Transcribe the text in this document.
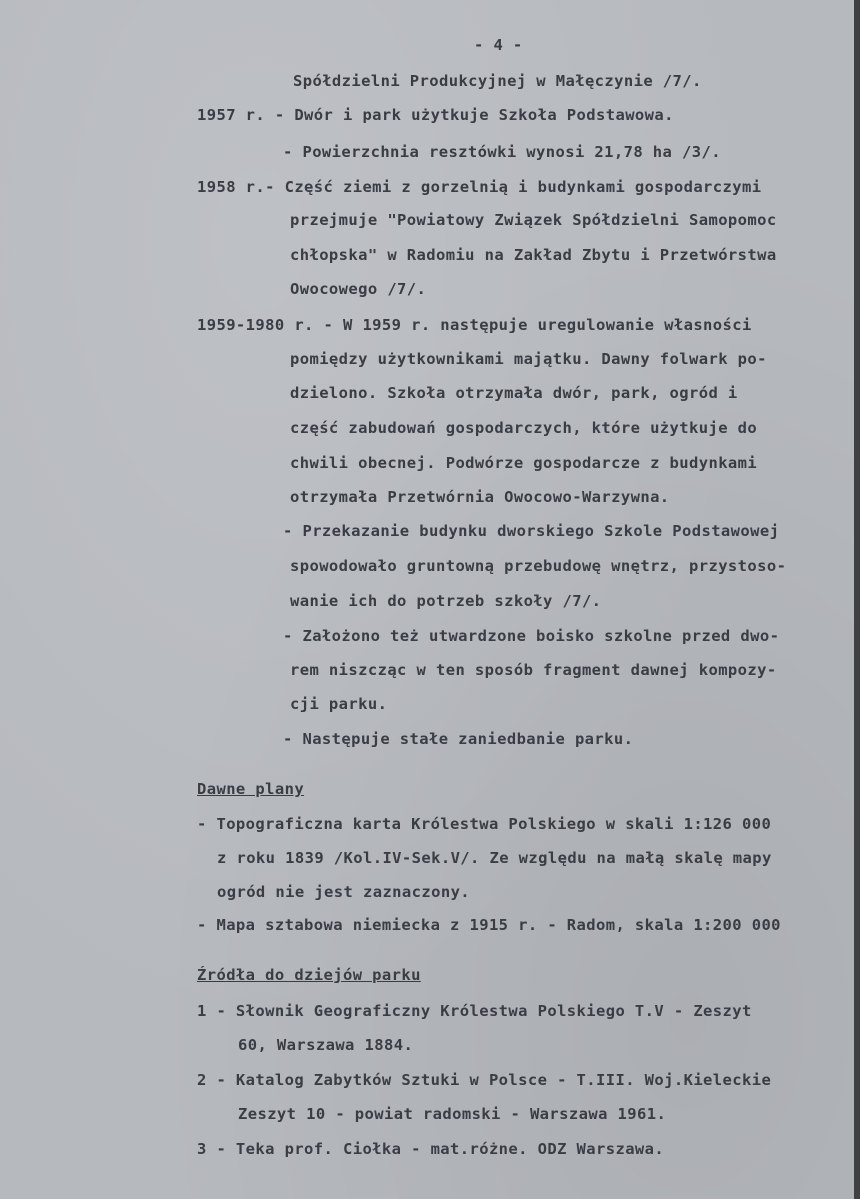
- 4 -
Spółdzielni Produkcyjnej w Małęczynie /7/.
1957 r. - Dwór i park użytkuje Szkoła Podstawowa.
- Powierzchnia resztówki wynosi 21,78 ha /3/.
1958 r.- Część ziemi z gorzelnią i budynkami gospodarczymi
przejmuje "Powiatowy Związek Spółdzielni Samopomoc
chłopska" w Radomiu na Zakład Zbytu i Przetwórstwa
Owocowego /7/.
1959-1980 r. - W 1959 r. następuje uregulowanie własności
pomiędzy użytkownikami majątku. Dawny folwark po-
dzielono. Szkoła otrzymała dwór, park, ogród i
część zabudowań gospodarczych, które użytkuje do
chwili obecnej. Podwórze gospodarcze z budynkami
otrzymała Przetwórnia Owocowo-Warzywna.
- Przekazanie budynku dworskiego Szkole Podstawowej
spowodowało gruntowną przebudowę wnętrz, przystoso-
wanie ich do potrzeb szkoły /7/.
- Założono też utwardzone boisko szkolne przed dwo-
rem niszcząc w ten sposób fragment dawnej kompozy-
cji parku.
- Następuje stałe zaniedbanie parku.
Dawne plany
- Topograficzna karta Królestwa Polskiego w skali 1:126 000
z roku 1839 /Kol.IV-Sek.V/. Ze względu na małą skalę mapy
ogród nie jest zaznaczony.
- Mapa sztabowa niemiecka z 1915 r. - Radom, skala 1:200 000
Źródła do dziejów parku
1 - Słownik Geograficzny Królestwa Polskiego T.V - Zeszyt
60, Warszawa 1884.
2 - Katalog Zabytków Sztuki w Polsce - T.III. Woj.Kieleckie
Zeszyt 10 - powiat radomski - Warszawa 1961.
3 - Teka prof. Ciołka - mat.różne. ODZ Warszawa.
